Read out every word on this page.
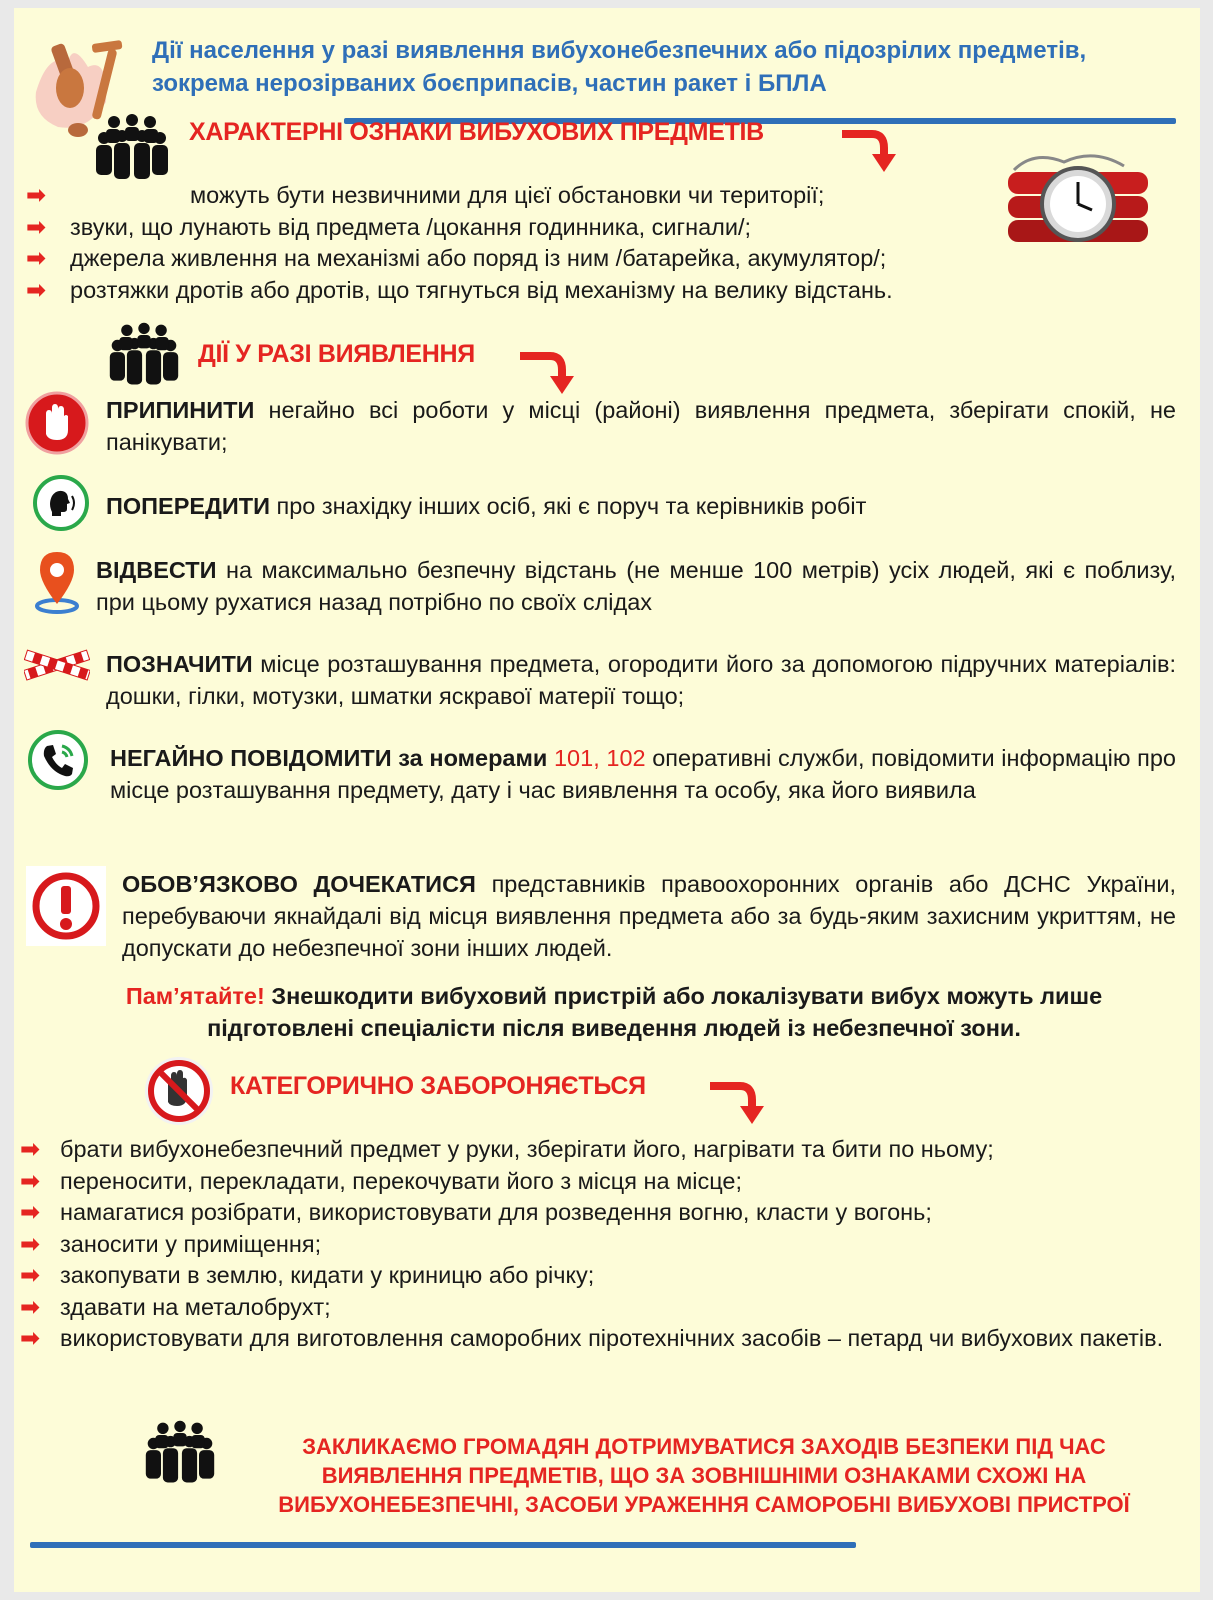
Дії населення у разі виявлення вибухонебезпечних або підозрілих предметів,
зокрема нерозірваних боєприпасів, частин ракет і БПЛА
ХАРАКТЕРНІ ОЗНАКИ ВИБУХОВИХ ПРЕДМЕТІВ
➡	можуть бути незвичними для цієї обстановки чи території;
➡ звуки, що лунають від предмета /цокання годинника, сигнали/;
➡ джерела живлення на механізмі або поряд із ним /батарейка, акумулятор/;
➡ розтяжки дротів або дротів, що тягнуться від механізму на велику відстань.
ДІЇ У РАЗІ ВИЯВЛЕННЯ
ПРИПИНИТИ негайно всі роботи у місці (районі) виявлення предмета, зберігати спокій, не панікувати;
ПОПЕРЕДИТИ про знахідку інших осіб, які є поруч та керівників робіт
ВІДВЕСТИ на максимально безпечну відстань (не менше 100 метрів) усіх людей, які є поблизу, при цьому рухатися назад потрібно по своїх слідах
ПОЗНАЧИТИ місце розташування предмета, огородити його за допомогою підручних матеріалів: дошки, гілки, мотузки, шматки яскравої матерії тощо;
НЕГАЙНО ПОВІДОМИТИ за номерами 101, 102 оперативні служби, повідомити інформацію про місце розташування предмету, дату і час виявлення та особу, яка його виявила
ОБОВ’ЯЗКОВО ДОЧЕКАТИСЯ представників правоохоронних органів або ДСНС України, перебуваючи якнайдалі від місця виявлення предмета або за будь-яким захисним укриттям, не допускати до небезпечної зони інших людей.
Пам’ятайте! Знешкодити вибуховий пристрій або локалізувати вибух можуть лише підготовлені спеціалісти після виведення людей із небезпечної зони.
КАТЕГОРИЧНО ЗАБОРОНЯЄТЬСЯ
➡ брати вибухонебезпечний предмет у руки, зберігати його, нагрівати та бити по ньому;
➡ переносити, перекладати, перекочувати його з місця на місце;
➡ намагатися розібрати, використовувати для розведення вогню, класти у вогонь;
➡ заносити у приміщення;
➡ закопувати в землю, кидати у криницю або річку;
➡ здавати на металобрухт;
➡ використовувати для виготовлення саморобних піротехнічних засобів – петард чи вибухових пакетів.
ЗАКЛИКАЄМО ГРОМАДЯН ДОТРИМУВАТИСЯ ЗАХОДІВ БЕЗПЕКИ ПІД ЧАС ВИЯВЛЕННЯ ПРЕДМЕТІВ, ЩО ЗА ЗОВНІШНІМИ ОЗНАКАМИ СХОЖІ НА ВИБУХОНЕБЕЗПЕЧНІ, ЗАСОБИ УРАЖЕННЯ САМОРОБНІ ВИБУХОВІ ПРИСТРОЇ
